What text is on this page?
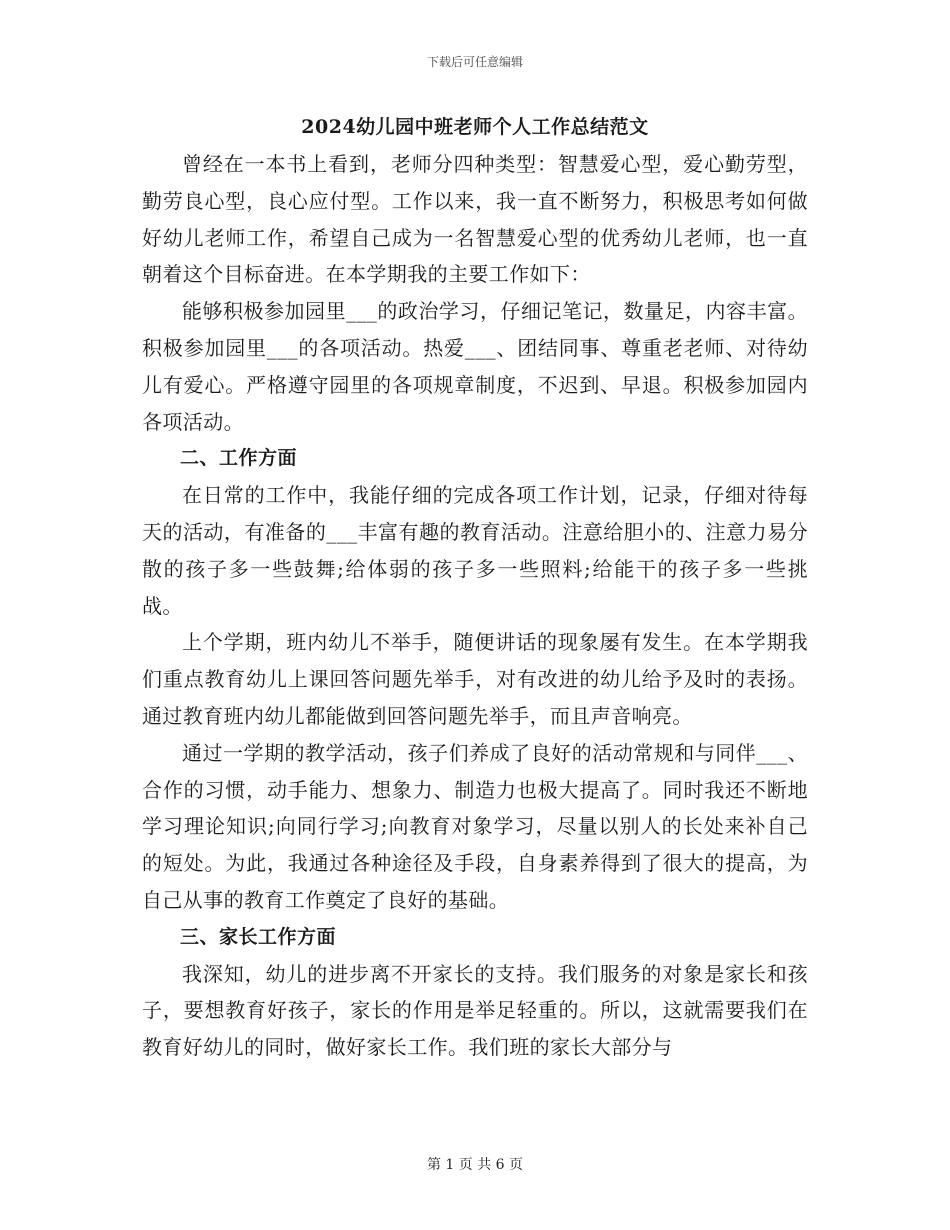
下载后可任意编辑
2024幼儿园中班老师个人工作总结范文

曾经在一本书上看到，老师分四种类型：智慧爱心型，爱心勤劳型，勤劳良心型，良心应付型。工作以来，我一直不断努力，积极思考如何做好幼儿老师工作，希望自己成为一名智慧爱心型的优秀幼儿老师，也一直朝着这个目标奋进。在本学期我的主要工作如下：

能够积极参加园里___的政治学习，仔细记笔记，数量足，内容丰富。积极参加园里___的各项活动。热爱___、团结同事、尊重老老师、对待幼儿有爱心。严格遵守园里的各项规章制度，不迟到、早退。积极参加园内各项活动。

二、工作方面

在日常的工作中，我能仔细的完成各项工作计划，记录，仔细对待每天的活动，有准备的___丰富有趣的教育活动。注意给胆小的、注意力易分散的孩子多一些鼓舞;给体弱的孩子多一些照料;给能干的孩子多一些挑战。

上个学期，班内幼儿不举手，随便讲话的现象屡有发生。在本学期我们重点教育幼儿上课回答问题先举手，对有改进的幼儿给予及时的表扬。通过教育班内幼儿都能做到回答问题先举手，而且声音响亮。

通过一学期的教学活动，孩子们养成了良好的活动常规和与同伴___、合作的习惯，动手能力、想象力、制造力也极大提高了。同时我还不断地学习理论知识;向同行学习;向教育对象学习，尽量以别人的长处来补自己的短处。为此，我通过各种途径及手段，自身素养得到了很大的提高，为自己从事的教育工作奠定了良好的基础。

三、家长工作方面

我深知，幼儿的进步离不开家长的支持。我们服务的对象是家长和孩子，要想教育好孩子，家长的作用是举足轻重的。所以，这就需要我们在教育好幼儿的同时，做好家长工作。我们班的家长大部分与

第 1 页 共 6 页
